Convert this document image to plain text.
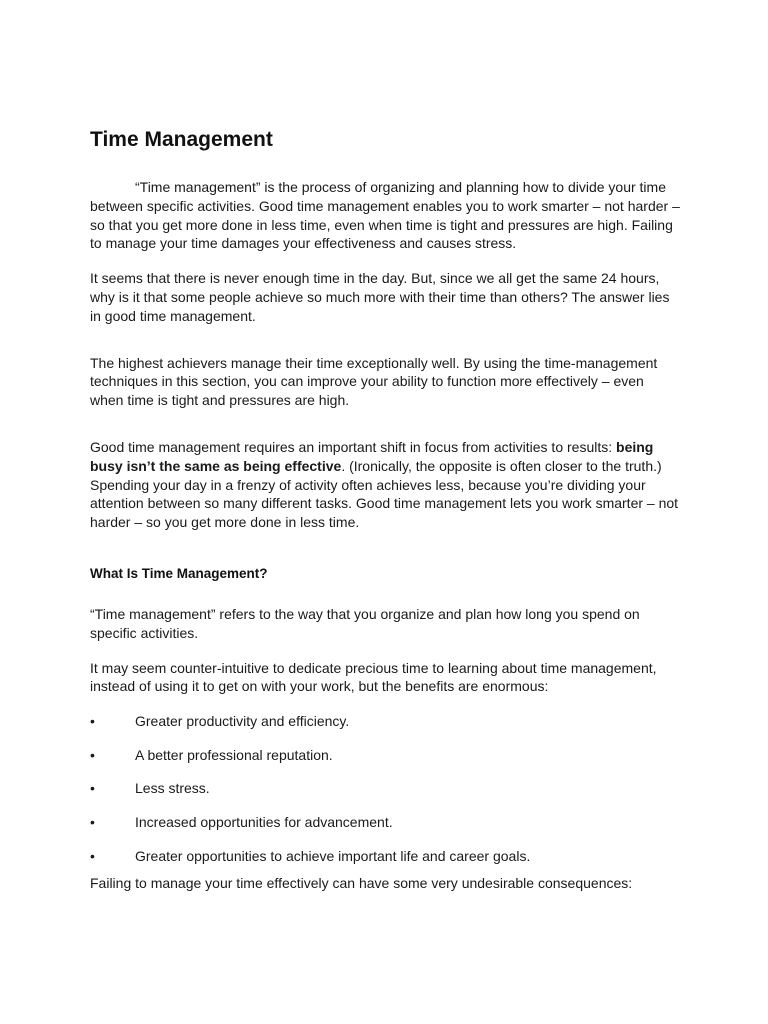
Time Management

“Time management” is the process of organizing and planning how to divide your time between specific activities. Good time management enables you to work smarter – not harder – so that you get more done in less time, even when time is tight and pressures are high. Failing to manage your time damages your effectiveness and causes stress.

It seems that there is never enough time in the day. But, since we all get the same 24 hours, why is it that some people achieve so much more with their time than others? The answer lies in good time management.

The highest achievers manage their time exceptionally well. By using the time-management techniques in this section, you can improve your ability to function more effectively – even when time is tight and pressures are high.

Good time management requires an important shift in focus from activities to results: being busy isn’t the same as being effective. (Ironically, the opposite is often closer to the truth.)

Spending your day in a frenzy of activity often achieves less, because you’re dividing your attention between so many different tasks. Good time management lets you work smarter – not harder – so you get more done in less time.

What Is Time Management?

“Time management” refers to the way that you organize and plan how long you spend on specific activities.

It may seem counter-intuitive to dedicate precious time to learning about time management, instead of using it to get on with your work, but the benefits are enormous:

•	Greater productivity and efficiency.
•	A better professional reputation.
•	Less stress.
•	Increased opportunities for advancement.
•	Greater opportunities to achieve important life and career goals.

Failing to manage your time effectively can have some very undesirable consequences:
